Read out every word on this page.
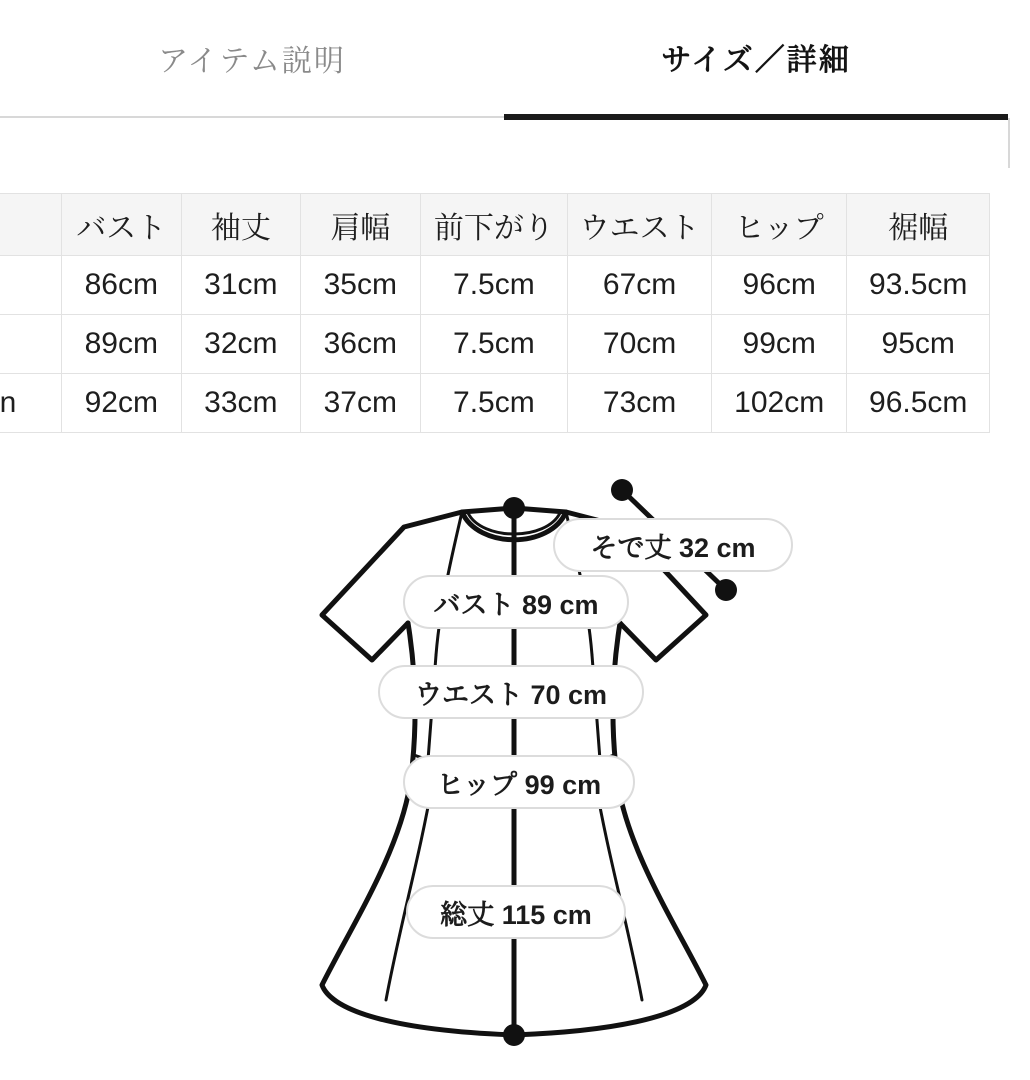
アイテム説明	サイズ／詳細
	バスト	袖丈	肩幅	前下がり	ウエスト	ヒップ	裾幅
	86cm	31cm	35cm	7.5cm	67cm	96cm	93.5cm
	89cm	32cm	36cm	7.5cm	70cm	99cm	95cm
n	92cm	33cm	37cm	7.5cm	73cm	102cm	96.5cm
そで丈 32 cm
バスト 89 cm
ウエスト 70 cm
ヒップ 99 cm
総丈 115 cm
